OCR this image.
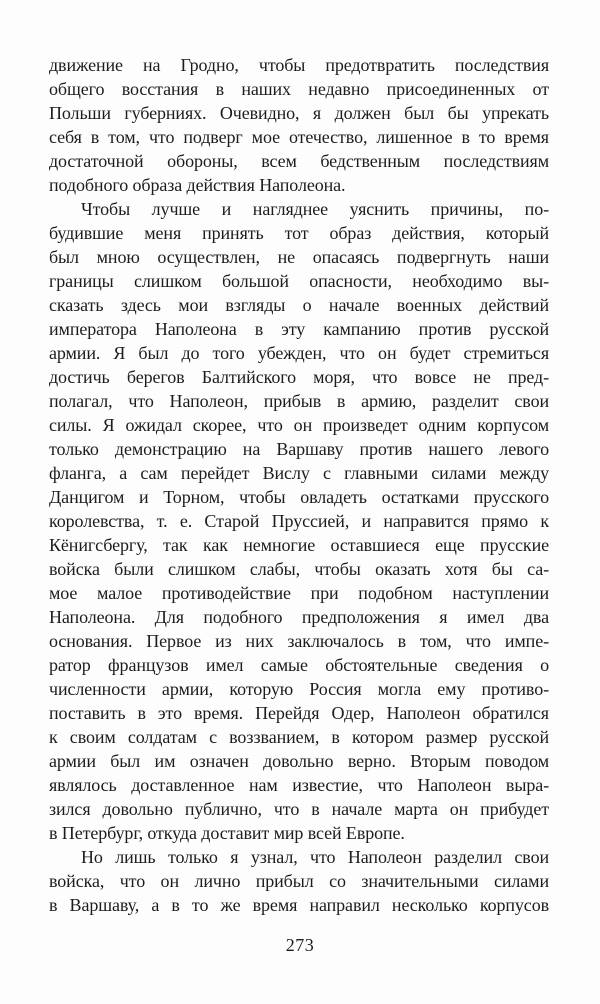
движение на Гродно, чтобы предотвратить последствия
общего восстания в наших недавно присоединенных от
Польши губерниях. Очевидно, я должен был бы упрекать
себя в том, что подверг мое отечество, лишенное в то время
достаточной обороны, всем бедственным последствиям
подобного образа действия Наполеона.
Чтобы лучше и нагляднее уяснить причины, по-
будившие меня принять тот образ действия, который
был мною осуществлен, не опасаясь подвергнуть наши
границы слишком большой опасности, необходимо вы-
сказать здесь мои взгляды о начале военных действий
императора Наполеона в эту кампанию против русской
армии. Я был до того убежден, что он будет стремиться
достичь берегов Балтийского моря, что вовсе не пред-
полагал, что Наполеон, прибыв в армию, разделит свои
силы. Я ожидал скорее, что он произведет одним корпусом
только демонстрацию на Варшаву против нашего левого
фланга, а сам перейдет Вислу с главными силами между
Данцигом и Торном, чтобы овладеть остатками прусского
королевства, т. е. Старой Пруссией, и направится прямо к
Кёнигсбергу, так как немногие оставшиеся еще прусские
войска были слишком слабы, чтобы оказать хотя бы са-
мое малое противодействие при подобном наступлении
Наполеона. Для подобного предположения я имел два
основания. Первое из них заключалось в том, что импе-
ратор французов имел самые обстоятельные сведения о
численности армии, которую Россия могла ему противо-
поставить в это время. Перейдя Одер, Наполеон обратился
к своим солдатам с воззванием, в котором размер русской
армии был им означен довольно верно. Вторым поводом
являлось доставленное нам известие, что Наполеон выра-
зился довольно публично, что в начале марта он прибудет
в Петербург, откуда доставит мир всей Европе.
Но лишь только я узнал, что Наполеон разделил свои
войска, что он лично прибыл со значительными силами
в Варшаву, а в то же время направил несколько корпусов
273
